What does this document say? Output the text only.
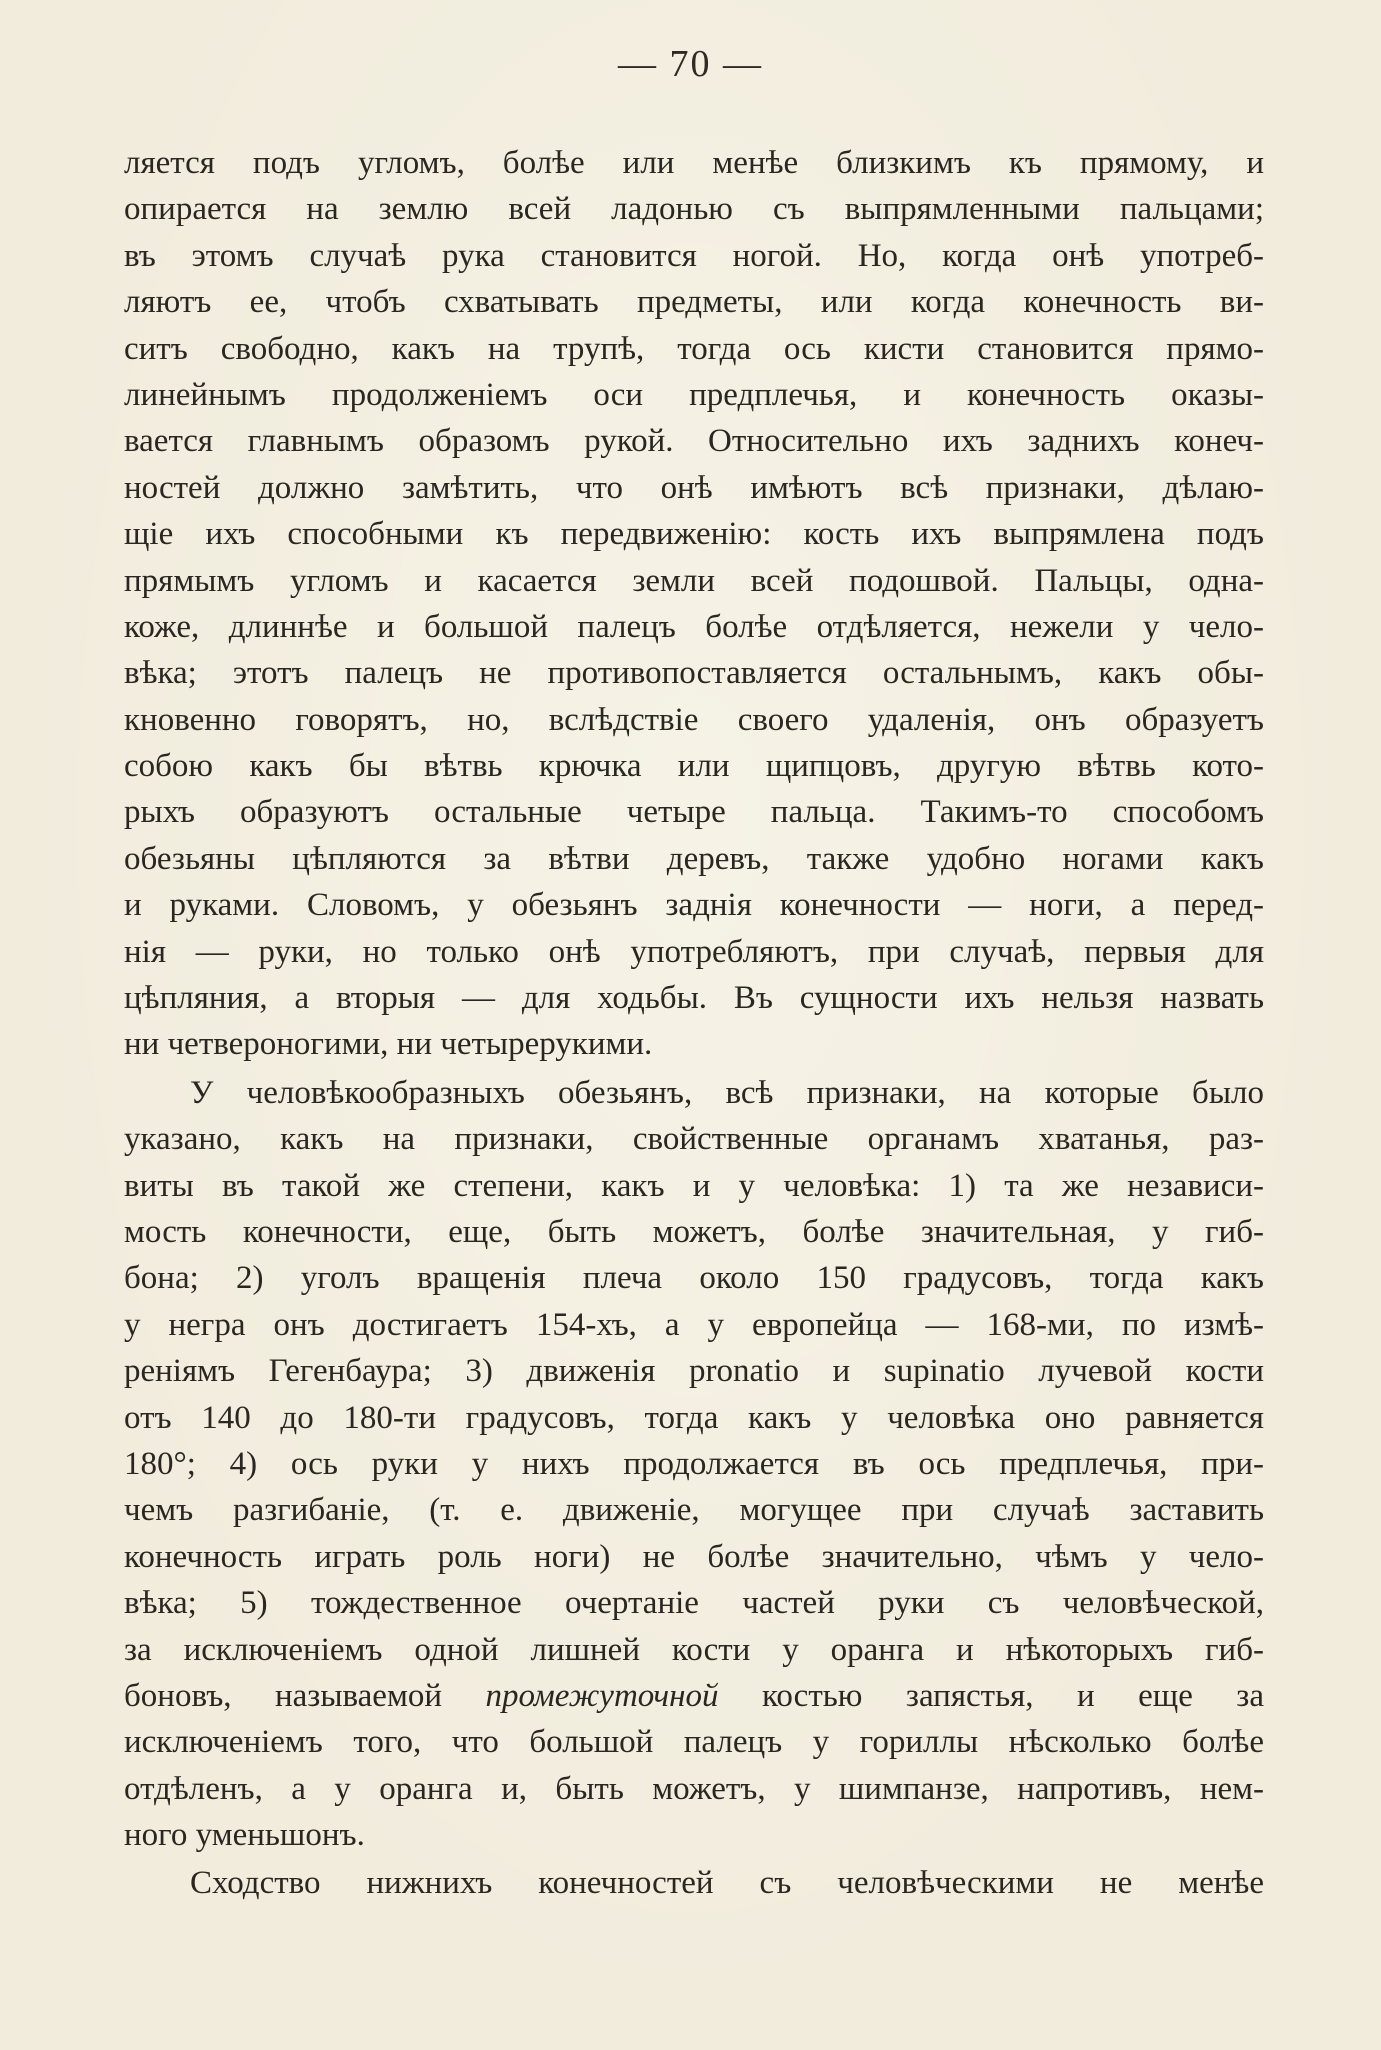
— 70 —
ляется подъ угломъ, болѣе или менѣе близкимъ къ прямому, и
опирается на землю всей ладонью съ выпрямленными пальцами;
въ этомъ случаѣ рука становится ногой. Но, когда онѣ употреб-
ляютъ ее, чтобъ схватывать предметы, или когда конечность ви-
ситъ свободно, какъ на трупѣ, тогда ось кисти становится прямо-
линейнымъ продолженіемъ оси предплечья, и конечность оказы-
вается главнымъ образомъ рукой. Относительно ихъ заднихъ конеч-
ностей должно замѣтить, что онѣ имѣютъ всѣ признаки, дѣлаю-
щіе ихъ способными къ передвиженію: кость ихъ выпрямлена подъ
прямымъ угломъ и касается земли всей подошвой. Пальцы, однa-
коже, длиннѣе и большой палецъ болѣе отдѣляется, нежели у чело-
вѣка; этотъ палецъ не противопоставляется остальнымъ, какъ обы-
кновенно говорятъ, но, вслѣдствіе своего удаленія, онъ образуетъ
собою какъ бы вѣтвь крючка или щипцовъ, другую вѣтвь кото-
рыхъ образуютъ остальные четыре пальца. Такимъ-то способомъ
обезьяны цѣпляются за вѣтви деревъ, также удобно ногами какъ
и руками. Словомъ, у обезьянъ заднія конечности — ноги, а перед-
нія — руки, но только онѣ употребляютъ, при случаѣ, первыя для
цѣпляния, а вторыя — для ходьбы. Въ сущности ихъ нельзя назвать
ни четвероногими, ни четырерукими.
У человѣкообразныхъ обезьянъ, всѣ признаки, на которые было
указано, какъ на признаки, свойственные органамъ хватанья, раз-
виты въ такой же степени, какъ и у человѣка: 1) та же независи-
мость конечности, еще, быть можетъ, болѣе значительная, у гиб-
бона; 2) уголъ вращенія плеча около 150 градусовъ, тогда какъ
у негра онъ достигаетъ 154-хъ, а у европейца — 168-ми, по измѣ-
реніямъ Гегенбаура; 3) движенія pronatio и supinatio лучевой кости
отъ 140 до 180-ти градусовъ, тогда какъ у человѣка оно равняется
180°; 4) ось руки у нихъ продолжается въ ось предплечья, при-
чемъ разгибаніе, (т. е. движеніе, могущее при случаѣ заставить
конечность играть роль ноги) не болѣе значительно, чѣмъ у чело-
вѣка; 5) тождественное очертаніе частей руки съ человѣческой,
за исключеніемъ одной лишней кости у оранга и нѣкоторыхъ гиб-
боновъ, называемой промежуточной костью запястья, и еще за
исключеніемъ того, что большой палецъ у гориллы нѣсколько болѣе
отдѣленъ, а у оранга и, быть можетъ, у шимпанзе, напротивъ, нем-
ного уменьшонъ.
Сходство нижнихъ конечностей съ человѣческими не менѣе
